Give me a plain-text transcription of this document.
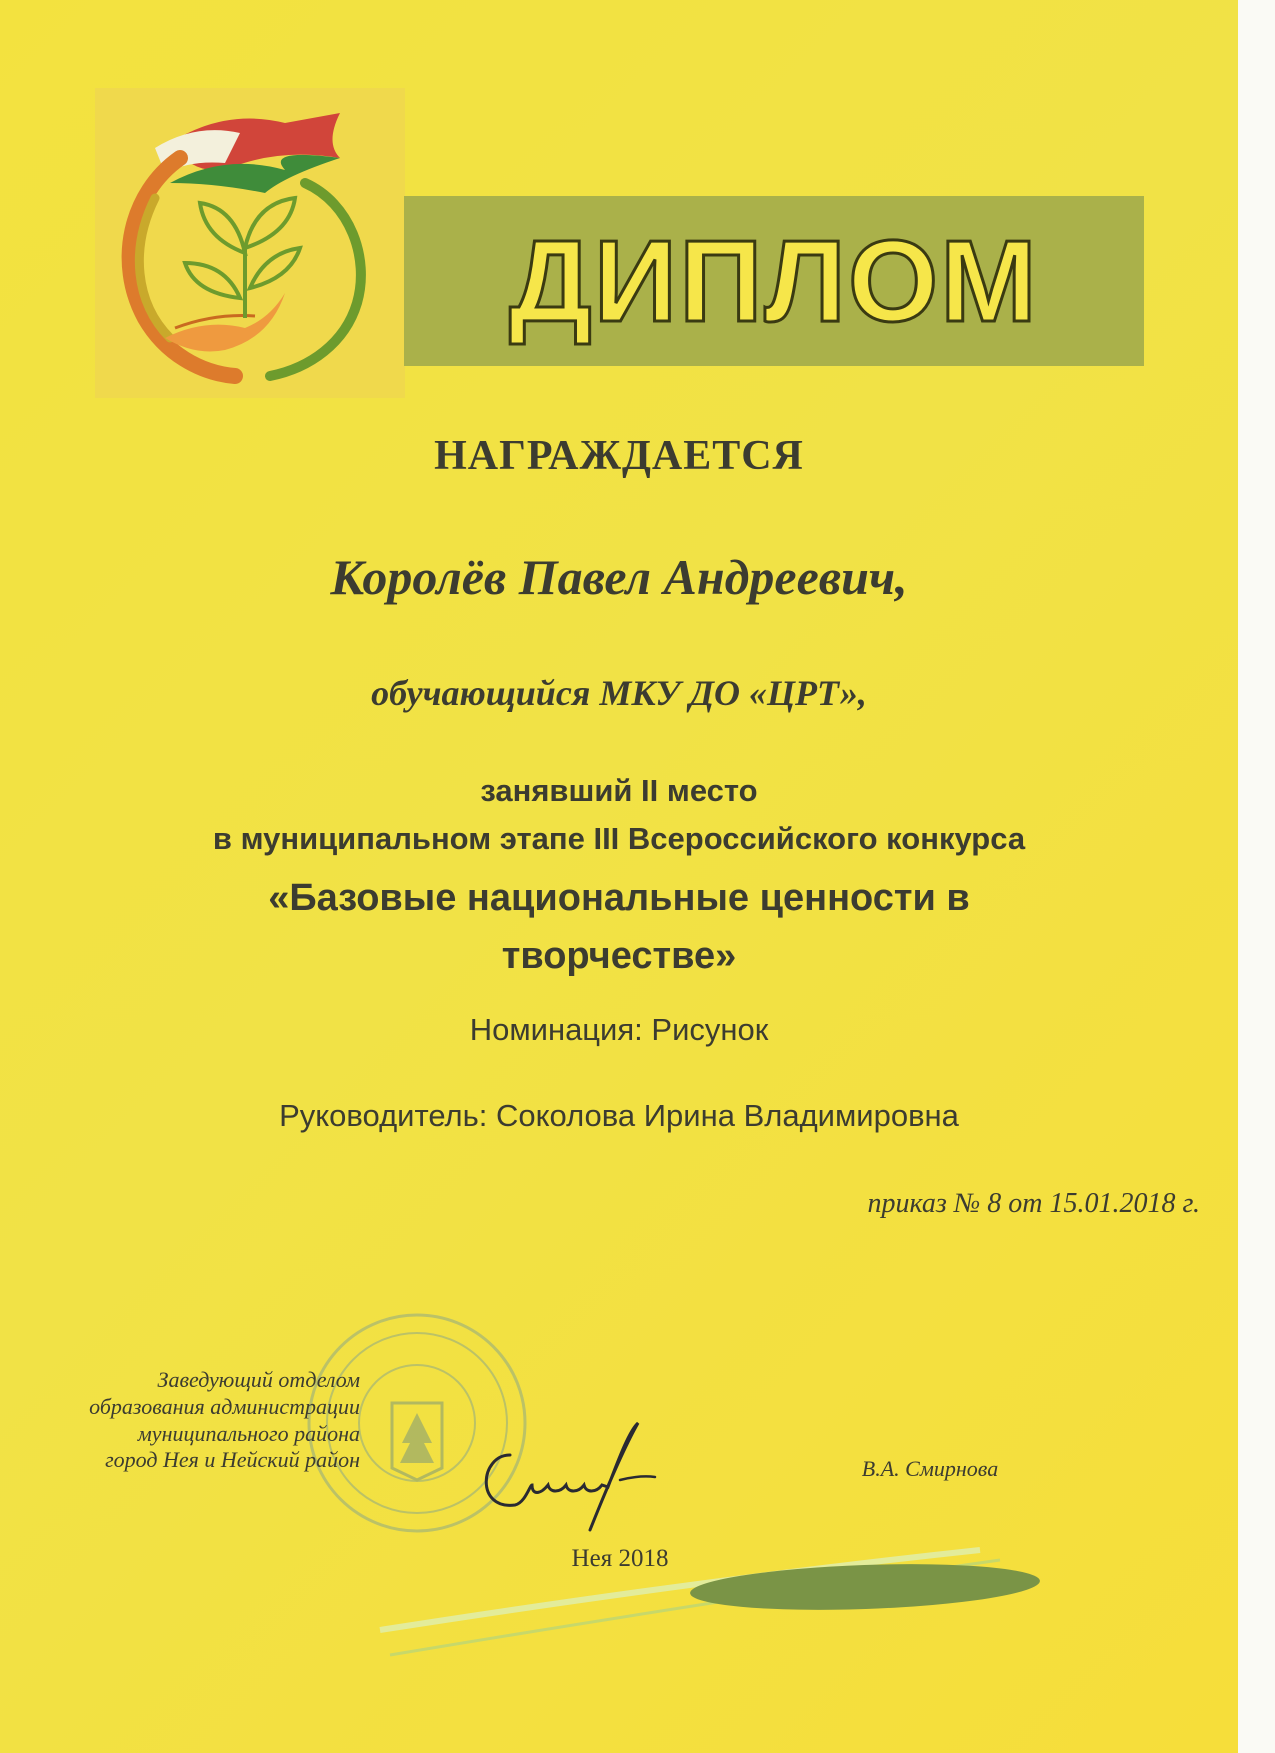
ДИПЛОМ
НАГРАЖДАЕТСЯ
Королёв Павел Андреевич,
обучающийся МКУ ДО «ЦРТ»,
занявший II место
в муниципальном этапе III Всероссийского конкурса
«Базовые национальные ценности в
творчестве»
Номинация: Рисунок
Руководитель: Соколова Ирина Владимировна
приказ № 8 от 15.01.2018 г.
Заведующий отделом
образования администрации
муниципального района
город Нея и Нейский район	В.А. Смирнова
Нея 2018
